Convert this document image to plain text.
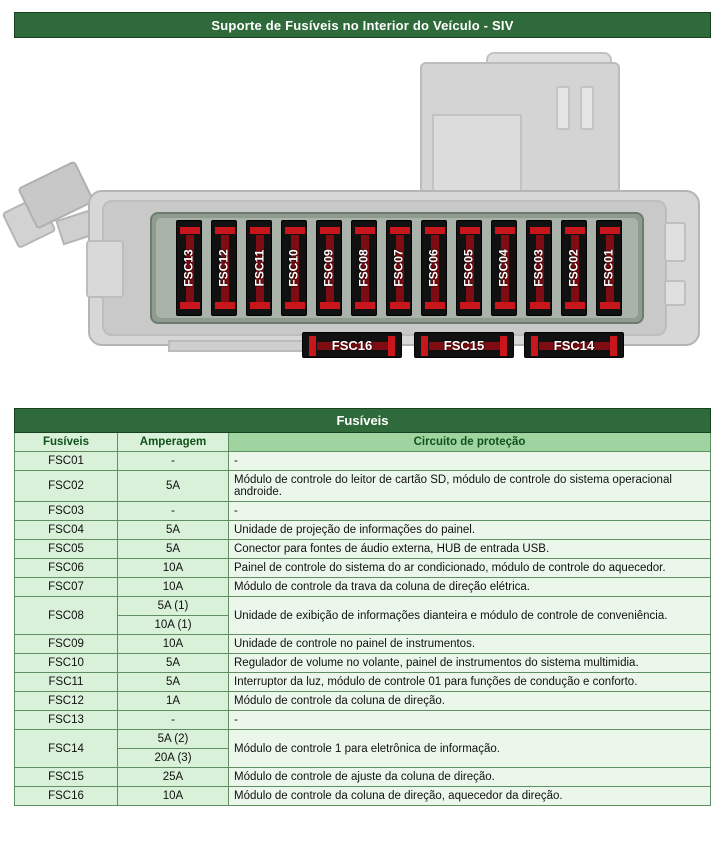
Suporte de Fusíveis no Interior do Veículo - SIV
FSC13 FSC12 FSC11 FSC10 FSC09 FSC08 FSC07 FSC06 FSC05 FSC04 FSC03 FSC02 FSC01
FSC16	FSC15	FSC14
Fusíveis		
Fusíveis	Amperagem	Circuito de proteção
FSC01	-	-
FSC02	5A	Módulo de controle do leitor de cartão SD, módulo de controle do sistema operacional androide.
FSC03	-	-
FSC04	5A	Unidade de projeção de informações do painel.
FSC05	5A	Conector para fontes de áudio externa, HUB de entrada USB.
FSC06	10A	Painel de controle do sistema do ar condicionado, módulo de controle do aquecedor.
FSC07	10A	Módulo de controle da trava da coluna de direção elétrica.
FSC08	5A (1)	Unidade de exibição de informações dianteira e módulo de controle de conveniência.
	10A (1)	
FSC09	10A	Unidade de controle no painel de instrumentos.
FSC10	5A	Regulador de volume no volante, painel de instrumentos do sistema multimidia.
FSC11	5A	Interruptor da luz, módulo de controle 01 para funções de condução e conforto.
FSC12	1A	Módulo de controle da coluna de direção.
FSC13	-	-
FSC14	5A (2)	Módulo de controle 1 para eletrônica de informação.
	20A (3)	
FSC15	25A	Módulo de controle de ajuste da coluna de direção.
FSC16	10A	Módulo de controle da coluna de direção, aquecedor da direção.
